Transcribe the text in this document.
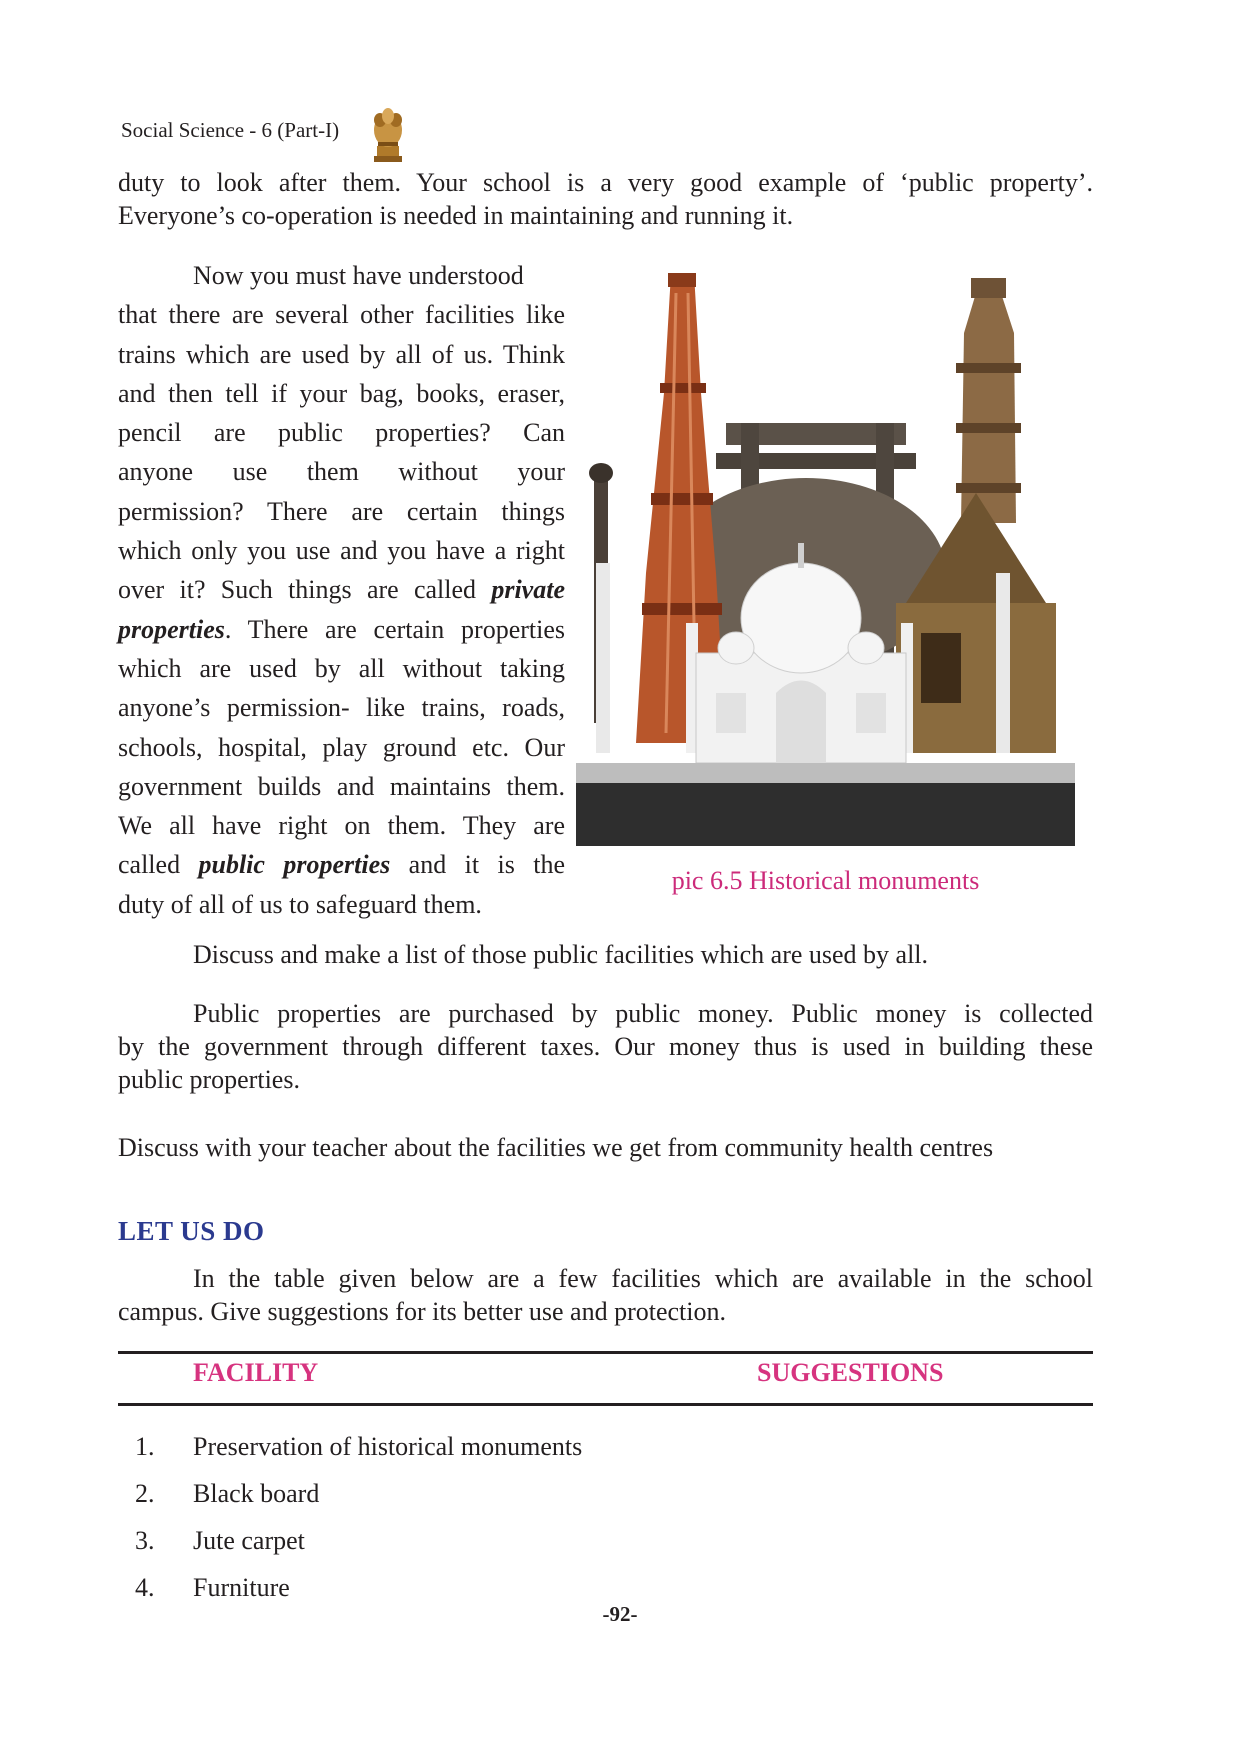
Social Science - 6 (Part-I)
duty to look after them. Your school is a very good example of ‘public property’.
Everyone’s co-operation is needed in maintaining and running it.
Now you must have understood
that there are several other facilities like
trains which are used by all of us. Think
and then tell if your bag, books, eraser,
pencil are public properties? Can
anyone use them without your
permission? There are certain things
which only you use and you have a right
over it? Such things are called private
properties. There are certain properties
which are used by all without taking
anyone’s permission- like trains, roads,
schools, hospital, play ground etc. Our
government builds and maintains them.
We all have right on them. They are
called public properties and it is the
duty of all of us to safeguard them.
pic 6.5 Historical monuments
Discuss and make a list of those public facilities which are used by all.
Public properties are purchased by public money. Public money is collected
by the government through different taxes. Our money thus is used in building these
public properties.
Discuss with your teacher about the facilities we get from community health centres
LET US DO
In the table given below are a few facilities which are available in the school
campus. Give suggestions for its better use and protection.
FACILITY	SUGGESTIONS
1.	Preservation of historical monuments
2.	Black board
3.	Jute carpet
4.	Furniture
-92-
